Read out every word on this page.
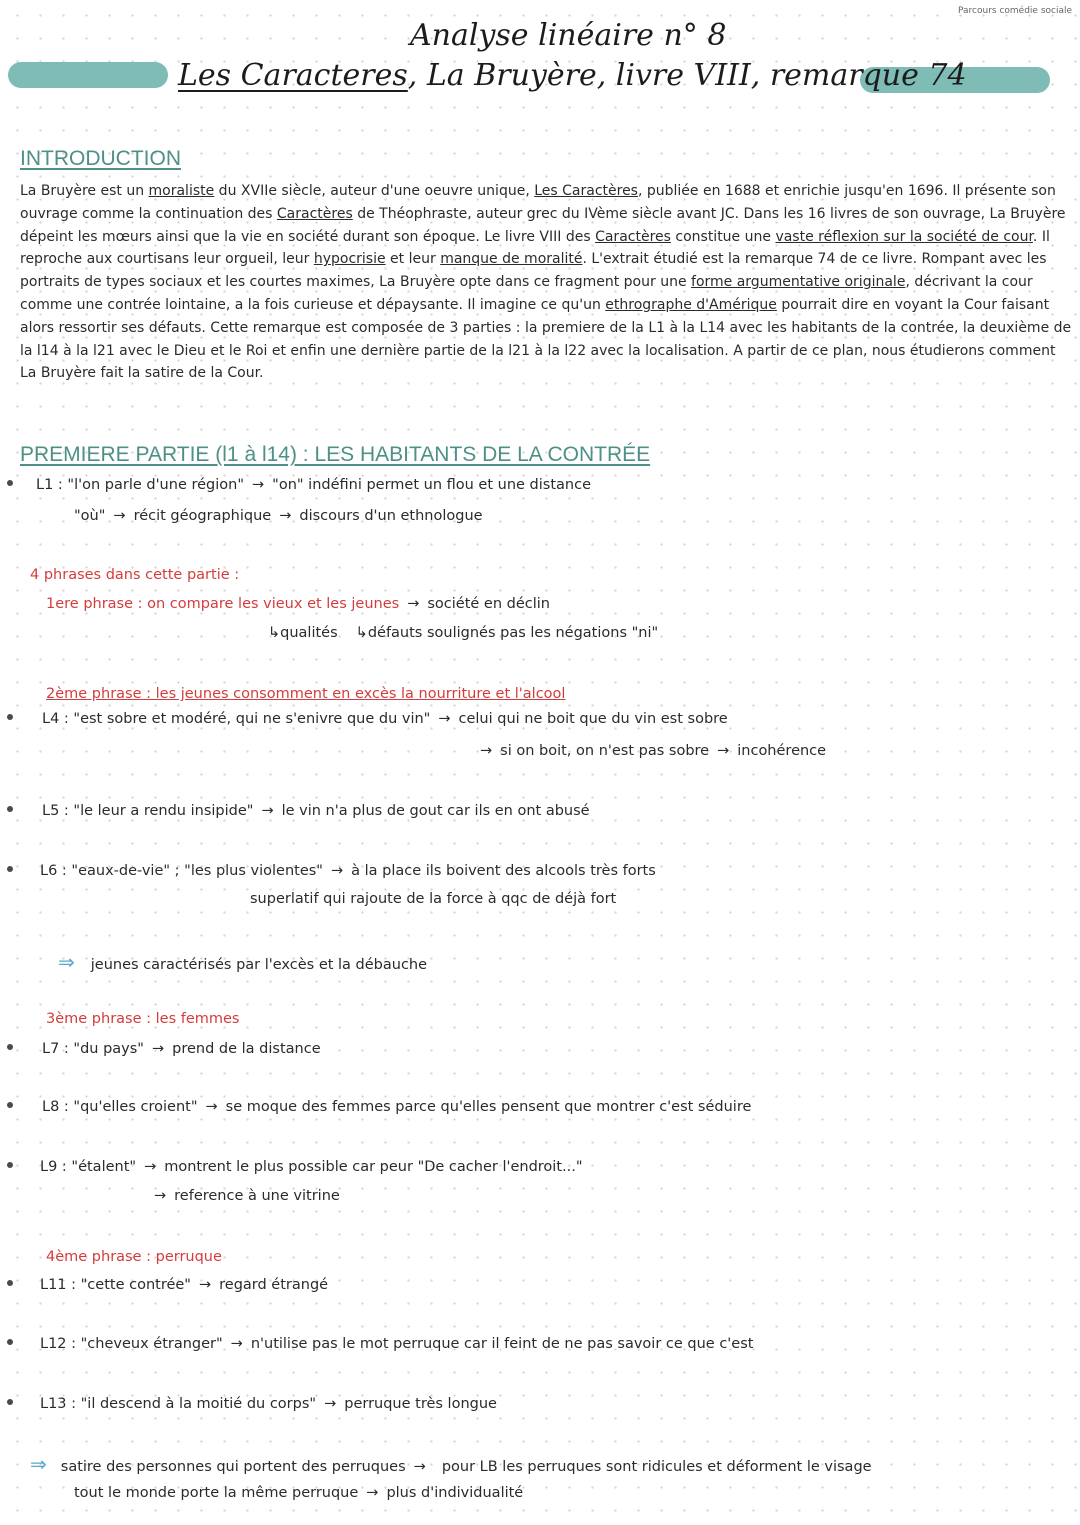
Parcours comédie sociale
Analyse linéaire n° 8
Les Caracteres, La Bruyère, livre VIII, remarque 74
INTRODUCTION
La Bruyère est un moraliste du XVIIe siècle, auteur d'une oeuvre unique, Les Caractères, publiée en 1688 et enrichie jusqu'en 1696. Il présente son ouvrage comme la continuation des Caractères de Théophraste, auteur grec du IVème siècle avant JC. Dans les 16 livres de son ouvrage, La Bruyère dépeint les mœurs ainsi que la vie en société durant son époque. Le livre VIII des Caractères constitue une vaste réflexion sur la société de cour. Il reproche aux courtisans leur orgueil, leur hypocrisie et leur manque de moralité. L'extrait étudié est la remarque 74 de ce livre. Rompant avec les portraits de types sociaux et les courtes maximes, La Bruyère opte dans ce fragment pour une forme argumentative originale, décrivant la cour comme une contrée lointaine, a la fois curieuse et dépaysante. Il imagine ce qu'un ethrographe d'Amérique pourrait dire en voyant la Cour faisant alors ressortir ses défauts. Cette remarque est composée de 3 parties : la premiere de la L1 à la L14 avec les habitants de la contrée, la deuxième de la l14 à la l21 avec le Dieu et le Roi et enfin une dernière partie de la l21 à la l22 avec la localisation. A partir de ce plan, nous étudierons comment La Bruyère fait la satire de la Cour.
PREMIERE PARTIE (l1 à l14) : LES HABITANTS DE LA CONTRÉE
L1 : "l'on parle d'une région" → "on" indéfini permet un flou et une distance
"où" → récit géographique → discours d'un ethnologue
4 phrases dans cette partie :
1ere phrase : on compare les vieux et les jeunes → société en déclin
↳qualités ↳défauts soulignés pas les négations "ni"
2ème phrase : les jeunes consomment en excès la nourriture et l'alcool
L4 : "est sobre et modéré, qui ne s'enivre que du vin" → celui qui ne boit que du vin est sobre
→ si on boit, on n'est pas sobre → incohérence
L5 : "le leur a rendu insipide" → le vin n'a plus de gout car ils en ont abusé
L6 : "eaux-de-vie" ; "les plus violentes" → à la place ils boivent des alcools très forts
superlatif qui rajoute de la force à qqc de déjà fort
⇒ jeunes caractérisés par l'excès et la débauche
3ème phrase : les femmes
L7 : "du pays" → prend de la distance
L8 : "qu'elles croient" → se moque des femmes parce qu'elles pensent que montrer c'est séduire
L9 : "étalent" → montrent le plus possible car peur "De cacher l'endroit..."
→ reference à une vitrine
4ème phrase : perruque
L11 : "cette contrée" → regard étrangé
L12 : "cheveux étranger" → n'utilise pas le mot perruque car il feint de ne pas savoir ce que c'est
L13 : "il descend à la moitié du corps" → perruque très longue
⇒ satire des personnes qui portent des perruques → pour LB les perruques sont ridicules et déforment le visage
tout le monde porte la même perruque → plus d'individualité
